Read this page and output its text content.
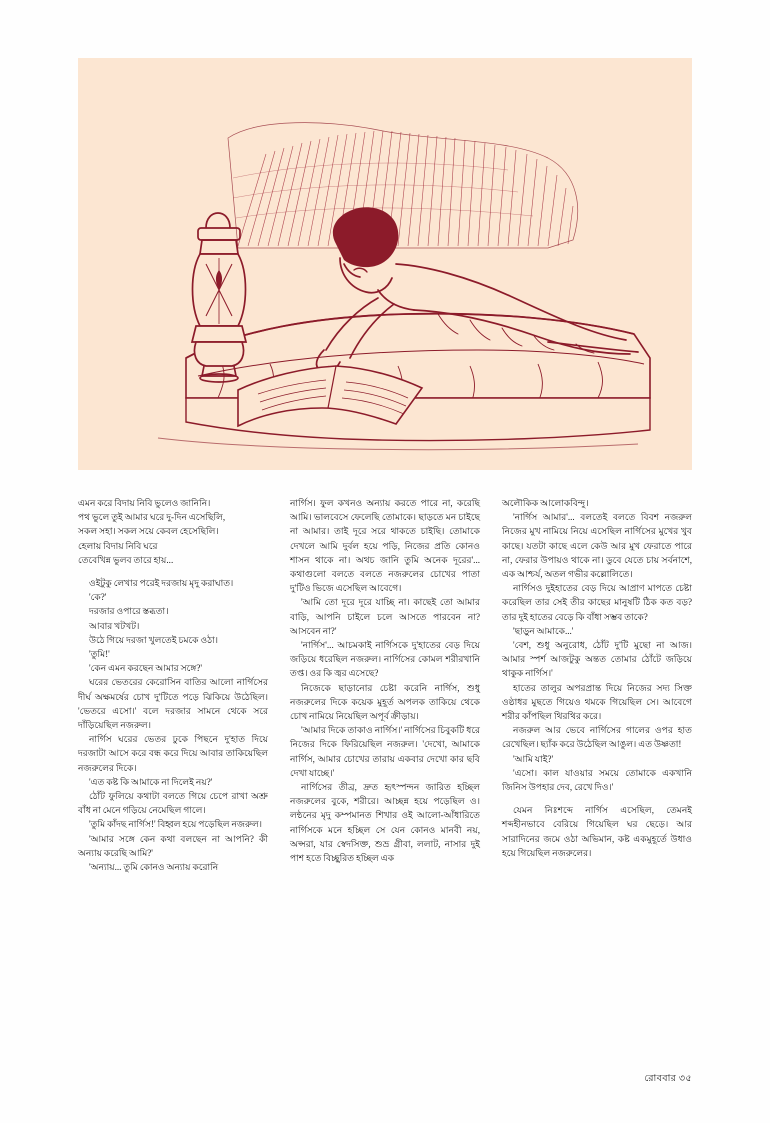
এমন করে বিদায় নিবি ভুলেও জানিনি।

পথ ভুলে তুই আমার ঘরে দু-দিন এসেছিলি,

সকল সহা। সকল সয়ে কেবল হেসেছিলি।

হেলায় বিদায় নিবি ঘরে

তেবেখিন্ন ভুলব তারে হায়...

ওইটুকু লেখার পরেই দরজায় মৃদু করাঘাত।

'কে?'

দরজার ওপারে স্তব্ধতা।

আবার খটখট।

উঠে গিয়ে দরজা খুলতেই চমকে ওঠা।

'তুমি!'

'কেন এমন করছেন আমার সঙ্গে?'

ঘরের ভেতরের কেরোসিন বাতির আলো নার্গিসের দীর্ঘ অক্ষমর্ষের চোখ দু'টিতে পড়ে ঝিকিয়ে উঠেছিল। 'ভেতরে এসো।' বলে দরজার সামনে থেকে সরে দাঁড়িয়েছিল নজরুল।

নার্গিস ঘরের ভেতর ঢুকে পিছনে দু'হাত দিয়ে দরজাটা আসে করে বন্ধ করে দিয়ে আবার তাকিয়েছিল নজরুলের দিকে।

'এত কষ্ট কি আমাকে না দিলেই নয়?'

ঠোঁট ফুলিয়ে কথাটা বলতে গিয়ে চেপে রাখা অশ্রু বাঁধ না মেনে গড়িয়ে নেমেছিল গালে।

'তুমি কাঁদছ নার্গিস!' বিহ্বল হয়ে পড়েছিল নজরুল।

'আমার সঙ্গে কেন কথা বলছেন না আপনি? কী অন্যায় করেছি আমি?'

'অন্যায়... তুমি কোনও অন্যায় করোনি

নার্গিস। ফুল কখনও অন্যায় করতে পারে না, করেছি আমি। ভালবেসে ফেলেছি তোমাকে। ছাড়তে মন চাইছে না আমার। তাই দূরে সরে থাকতে চাইছি। তোমাকে দেখলে আমি দুর্বল হয়ে পড়ি, নিজের প্রতি কোনও শাসন থাকে না। অথচ জানি তুমি অনেক দূরের'... কথাগুলো বলতে বলতে নজরুলের চোখের পাতা দু'টিও ভিজে এসেছিল আবেগে।

'আমি তো দূরে দূরে যাচ্ছি না। কাছেই তো আমার বাড়ি, আপনি চাইলে চলে আসতে পারবেন না? আসবেন না?'

'নার্গিস'... আচমকাই নার্গিসকে দু'হাতের বেড় দিয়ে জড়িয়ে ধরেছিল নজরুল। নার্গিসের কোমল শরীরখানি তপ্ত। ওর কি জ্বর এসেছে?

নিজেকে ছাড়ানোর চেষ্টা করেনি নার্গিস, শুধু নজরুলের দিকে কয়েক মুহূর্ত অপলক তাকিয়ে থেকে চোখ নামিয়ে নিয়েছিল অপূর্ব ক্রীড়ায়।

'আমার দিকে তাকাও নার্গিস।' নার্গিসের চিবুকটি ধরে নিজের দিকে ফিরিয়েছিল নজরুল। 'দেখো, আমাকে নার্গিস, আমার চোখের তারায় একবার দেখো কার ছবি দেখা যাচ্ছে।'

নার্গিসের তীব্র, দ্রুত হৃৎস্পন্দন জারিত হচ্ছিল নজরুলের বুকে, শরীরে। আচ্ছন্ন হয়ে পড়েছিল ও। লন্ঠনের মৃদু কম্পমানত শিখার ওই আলো-আঁধারিতে নার্গিসকে মনে হচ্ছিল সে যেন কোনও মানবী নয়, অপ্সরা, যার স্বেদসিক্ত, শুভ্র গ্রীবা, ললাট, নাসার দুই পাশ হতে বিচ্ছুরিত হচ্ছিল এক

অলৌকিক আলোকবিন্দু।

'নার্গিস আমার'... বলতেই বলতে বিবশ নজরুল নিজের মুখ নামিয়ে নিয়ে এসেছিল নার্গিসের মুখের খুব কাছে। যতটা কাছে এলে কেউ আর মুখ ফেরাতে পারে না, ফেরার উপায়ও থাকে না। ডুবে যেতে চায় সর্বনাশে, এক আশ্চর্য, অতল গভীর কল্লোলিতে।

নার্গিসও দুইহাতের বেড় দিয়ে আপ্রাণ মাপতে চেষ্টা করেছিল তার সেই তীর কাছের মানুষটি ঠিক কত বড়? তার দুই হাতের বেড়ে কি বাঁধা সম্ভব তাকে?

'ছাড়ুন আমাকে...'

'বেশ, শুধু অনুরোধ, ঠোঁট দু'টি মুছো না আজ। আমার স্পর্শ আজটুকু অন্তত তোমার ঠোঁটে জড়িয়ে থাকুক নার্গিস।'

হাতের তালুর অপরপ্রান্ত দিয়ে নিজের সদ্য সিক্ত ওষ্ঠাধর মুছতে গিয়েও থমকে গিয়েছিল সে। আবেগে শরীর কাঁপছিল থিরথির করে।

নজরুল আর ভেবে নার্গিসের গালের ওপর হাত রেখেছিল। ছ্যাঁক করে উঠেছিল আঙুল। এত উষ্ণতা!

'আমি যাই?'

'এসো। কাল যাওয়ার সময়ে তোমাকে একখানি জিনিস উপহার দেব, রেখে দিও।'

যেমন নিঃশব্দে নার্গিস এসেছিল, তেমনই শব্দহীনভাবে বেরিয়ে গিয়েছিল ঘর ছেড়ে। আর সারাদিনের জমে ওঠা অভিমান, কষ্ট একমুহূর্তে উধাও হয়ে গিয়েছিল নজরুলের।

রোববার ৩৫
